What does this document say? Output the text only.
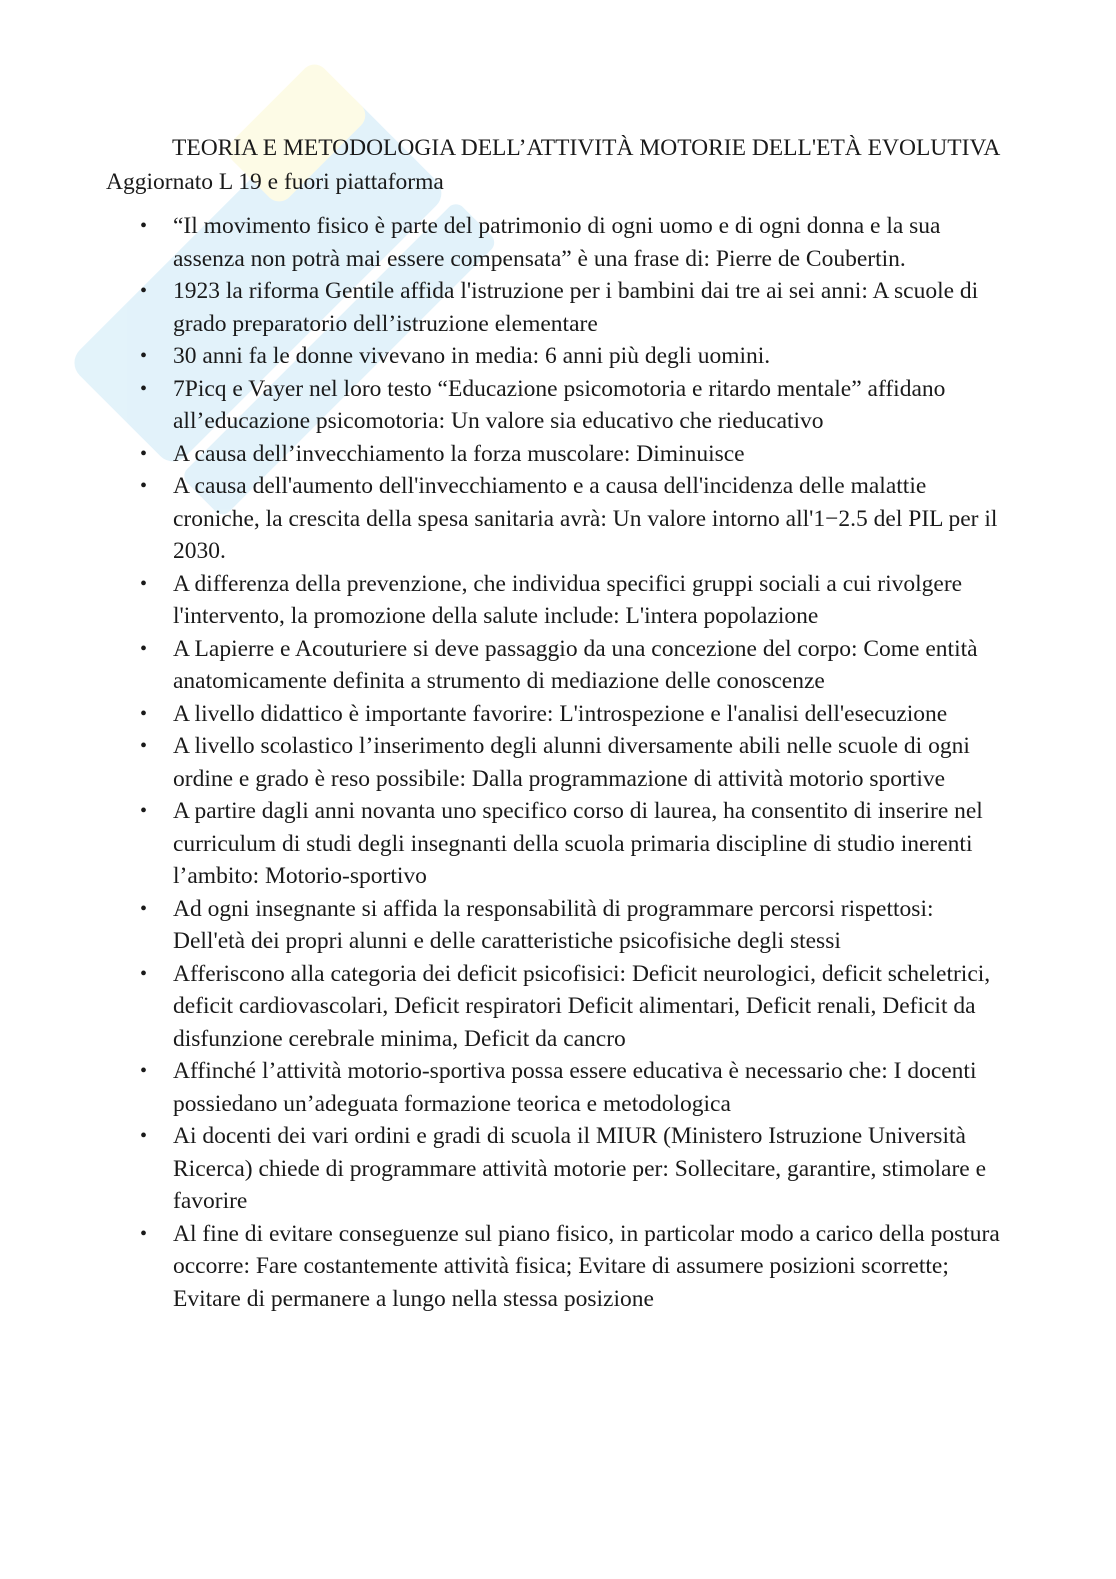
TEORIA E METODOLOGIA DELL’ATTIVITÀ MOTORIE DELL'ETÀ EVOLUTIVA Aggiornato L 19 e fuori piattaforma
• “Il movimento fisico è parte del patrimonio di ogni uomo e di ogni donna e la sua assenza non potrà mai essere compensata” è una frase di: Pierre de Coubertin.
• 1923 la riforma Gentile affida l'istruzione per i bambini dai tre ai sei anni: A scuole di grado preparatorio dell’istruzione elementare
• 30 anni fa le donne vivevano in media: 6 anni più degli uomini.
• 7Picq e Vayer nel loro testo “Educazione psicomotoria e ritardo mentale” affidano all’educazione psicomotoria: Un valore sia educativo che rieducativo
• A causa dell’invecchiamento la forza muscolare: Diminuisce
• A causa dell'aumento dell'invecchiamento e a causa dell'incidenza delle malattie croniche, la crescita della spesa sanitaria avrà: Un valore intorno all'1−2.5 del PIL per il 2030.
• A differenza della prevenzione, che individua specifici gruppi sociali a cui rivolgere l'intervento, la promozione della salute include: L'intera popolazione
• A Lapierre e Acouturiere si deve passaggio da una concezione del corpo: Come entità anatomicamente definita a strumento di mediazione delle conoscenze
• A livello didattico è importante favorire: L'introspezione e l'analisi dell'esecuzione
• A livello scolastico l’inserimento degli alunni diversamente abili nelle scuole di ogni ordine e grado è reso possibile: Dalla programmazione di attività motorio sportive
• A partire dagli anni novanta uno specifico corso di laurea, ha consentito di inserire nel curriculum di studi degli insegnanti della scuola primaria discipline di studio inerenti l’ambito: Motorio-sportivo
• Ad ogni insegnante si affida la responsabilità di programmare percorsi rispettosi: Dell'età dei propri alunni e delle caratteristiche psicofisiche degli stessi
• Afferiscono alla categoria dei deficit psicofisici: Deficit neurologici, deficit scheletrici, deficit cardiovascolari, Deficit respiratori Deficit alimentari, Deficit renali, Deficit da disfunzione cerebrale minima, Deficit da cancro
• Affinché l’attività motorio-sportiva possa essere educativa è necessario che: I docenti possiedano un’adeguata formazione teorica e metodologica
• Ai docenti dei vari ordini e gradi di scuola il MIUR (Ministero Istruzione Università Ricerca) chiede di programmare attività motorie per: Sollecitare, garantire, stimolare e favorire
• Al fine di evitare conseguenze sul piano fisico, in particolar modo a carico della postura occorre: Fare costantemente attività fisica; Evitare di assumere posizioni scorrette; Evitare di permanere a lungo nella stessa posizione
